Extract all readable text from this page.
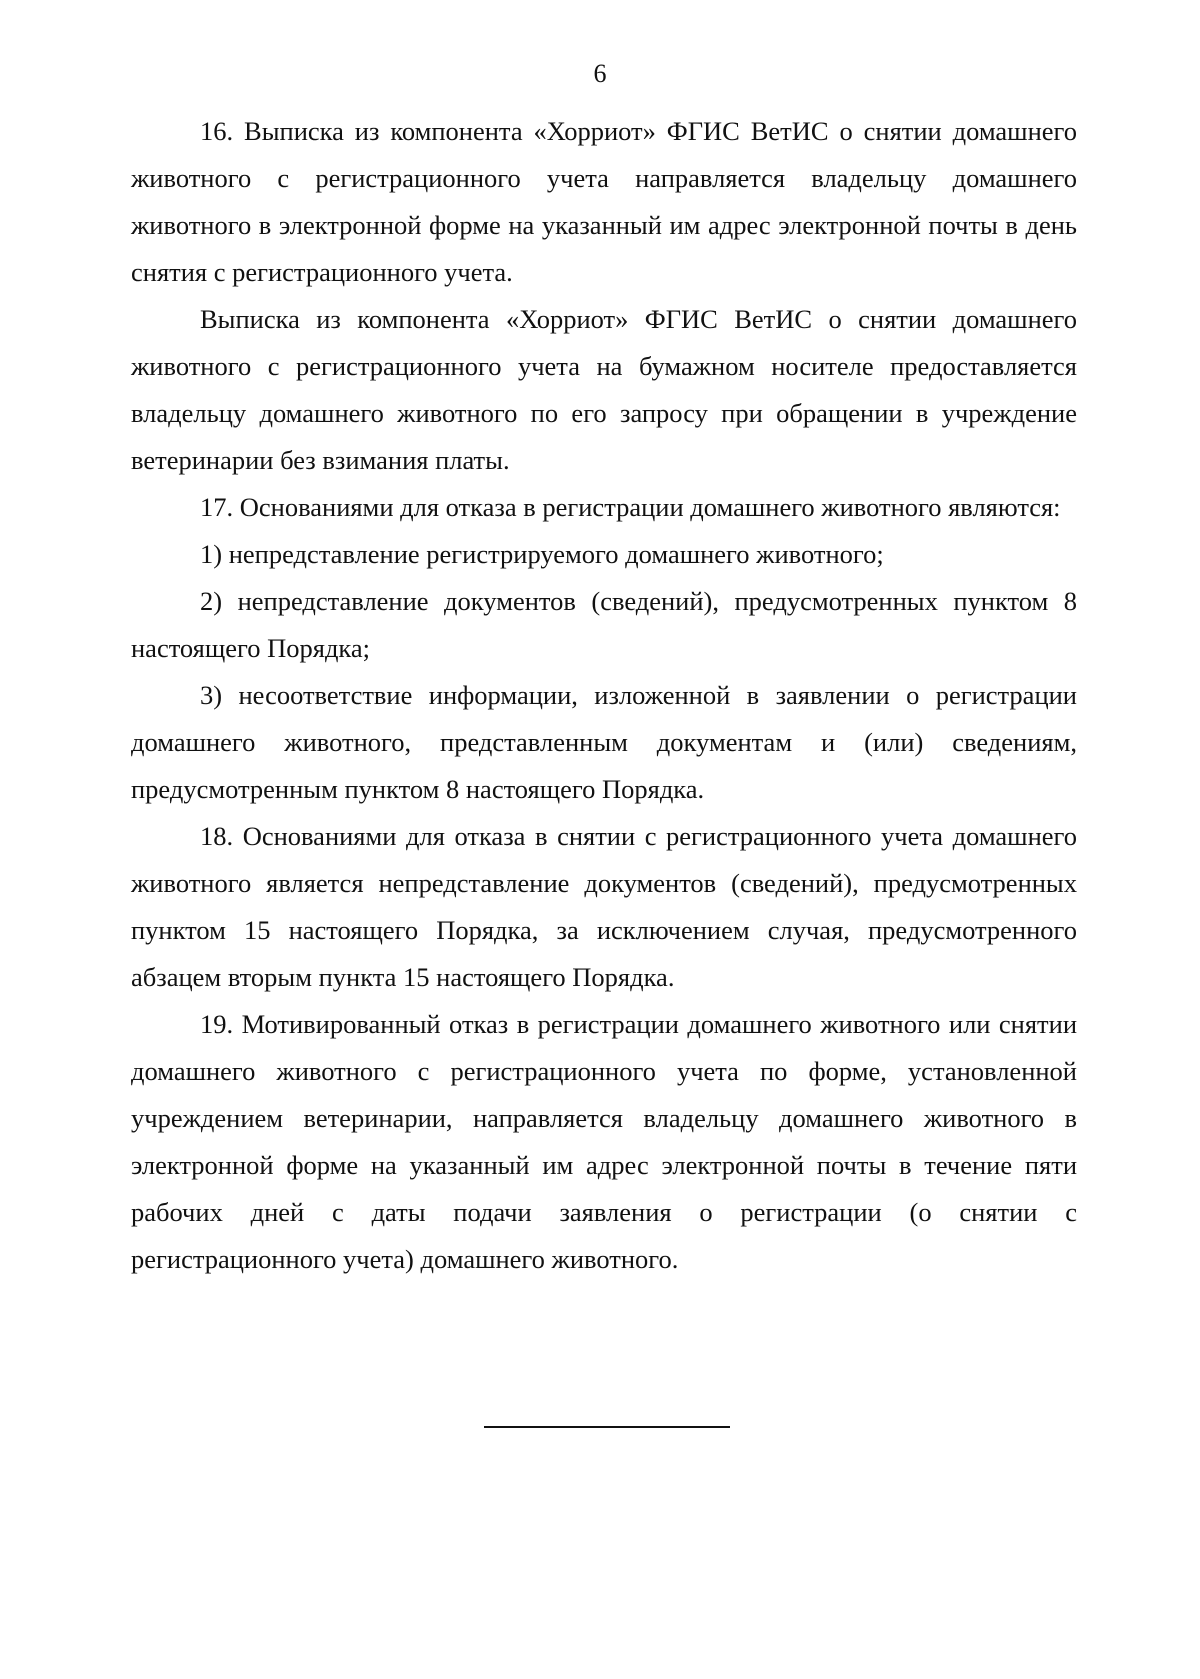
6

16. Выписка из компонента «Хорриот» ФГИС ВетИС о снятии домашнего животного с регистрационного учета направляется владельцу домашнего животного в электронной форме на указанный им адрес электронной почты в день снятия с регистрационного учета.

Выписка из компонента «Хорриот» ФГИС ВетИС о снятии домашнего животного с регистрационного учета на бумажном носителе предоставляется владельцу домашнего животного по его запросу при обращении в учреждение ветеринарии без взимания платы.

17. Основаниями для отказа в регистрации домашнего животного являются:

1) непредставление регистрируемого домашнего животного;

2) непредставление документов (сведений), предусмотренных пунктом 8 настоящего Порядка;

3) несоответствие информации, изложенной в заявлении о регистрации домашнего животного, представленным документам и (или) сведениям, предусмотренным пунктом 8 настоящего Порядка.

18. Основаниями для отказа в снятии с регистрационного учета домашнего животного является непредставление документов (сведений), предусмотренных пунктом 15 настоящего Порядка, за исключением случая, предусмотренного абзацем вторым пункта 15 настоящего Порядка.

19. Мотивированный отказ в регистрации домашнего животного или снятии домашнего животного с регистрационного учета по форме, установленной учреждением ветеринарии, направляется владельцу домашнего животного в электронной форме на указанный им адрес электронной почты в течение пяти рабочих дней с даты подачи заявления о регистрации (о снятии с регистрационного учета) домашнего животного.
